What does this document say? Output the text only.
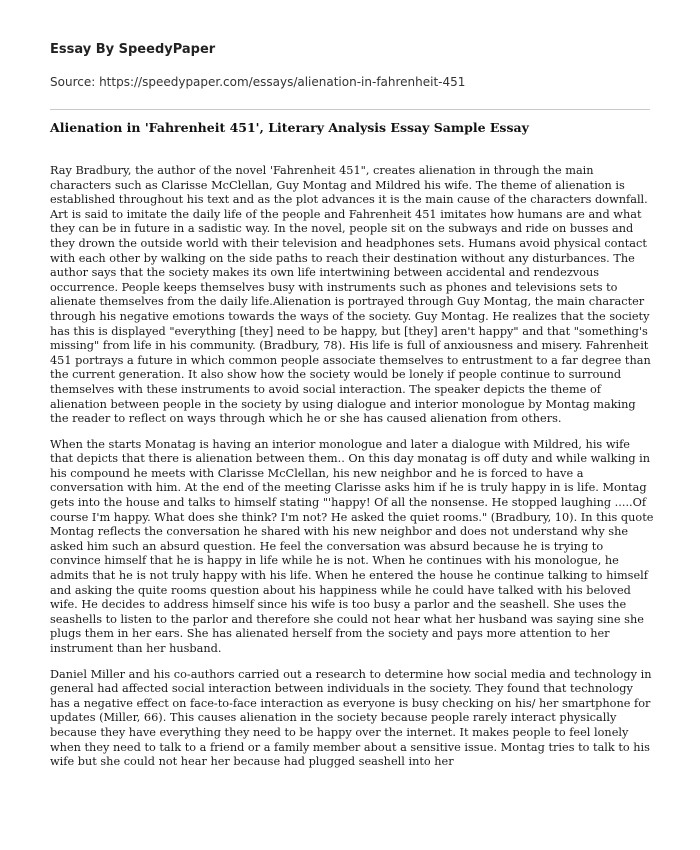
Essay By SpeedyPaper
Source: https://speedypaper.com/essays/alienation-in-fahrenheit-451
Alienation in 'Fahrenheit 451', Literary Analysis Essay Sample Essay

Ray Bradbury, the author of the novel 'Fahrenheit 451", creates alienation in through the main characters such as Clarisse McClellan, Guy Montag and Mildred his wife. The theme of alienation is established throughout his text and as the plot advances it is the main cause of the characters downfall. Art is said to imitate the daily life of the people and Fahrenheit 451 imitates how humans are and what they can be in future in a sadistic way. In the novel, people sit on the subways and ride on busses and they drown the outside world with their television and headphones sets. Humans avoid physical contact with each other by walking on the side paths to reach their destination without any disturbances. The author says that the society makes its own life intertwining between accidental and rendezvous occurrence. People keeps themselves busy with instruments such as phones and televisions sets to alienate themselves from the daily life.Alienation is portrayed through Guy Montag, the main character through his negative emotions towards the ways of the society. Guy Montag. He realizes that the society has this is displayed "everything [they] need to be happy, but [they] aren't happy" and that "something's missing" from life in his community. (Bradbury, 78). His life is full of anxiousness and misery. Fahrenheit 451 portrays a future in which common people associate themselves to entrustment to a far degree than the current generation. It also show how the society would be lonely if people continue to surround themselves with these instruments to avoid social interaction. The speaker depicts the theme of alienation between people in the society by using dialogue and interior monologue by Montag making the reader to reflect on ways through which he or she has caused alienation from others.

When the starts Monatag is having an interior monologue and later a dialogue with Mildred, his wife that depicts that there is alienation between them.. On this day monatag is off duty and while walking in his compound he meets with Clarisse McClellan, his new neighbor and he is forced to have a conversation with him. At the end of the meeting Clarisse asks him if he is truly happy in is life. Montag gets into the house and talks to himself stating "'happy! Of all the nonsense. He stopped laughing .....Of course I'm happy. What does she think? I'm not? He asked the quiet rooms." (Bradbury, 10). In this quote Montag reflects the conversation he shared with his new neighbor and does not understand why she asked him such an absurd question. He feel the conversation was absurd because he is trying to convince himself that he is happy in life while he is not. When he continues with his monologue, he admits that he is not truly happy with his life. When he entered the house he continue talking to himself and asking the quite rooms question about his happiness while he could have talked with his beloved wife. He decides to address himself since his wife is too busy a parlor and the seashell. She uses the seashells to listen to the parlor and therefore she could not hear what her husband was saying sine she plugs them in her ears. She has alienated herself from the society and pays more attention to her instrument than her husband.

Daniel Miller and his co-authors carried out a research to determine how social media and technology in general had affected social interaction between individuals in the society. They found that technology has a negative effect on face-to-face interaction as everyone is busy checking on his/ her smartphone for updates (Miller, 66). This causes alienation in the society because people rarely interact physically because they have everything they need to be happy over the internet. It makes people to feel lonely when they need to talk to a friend or a family member about a sensitive issue. Montag tries to talk to his wife but she could not hear her because had plugged seashell into her
